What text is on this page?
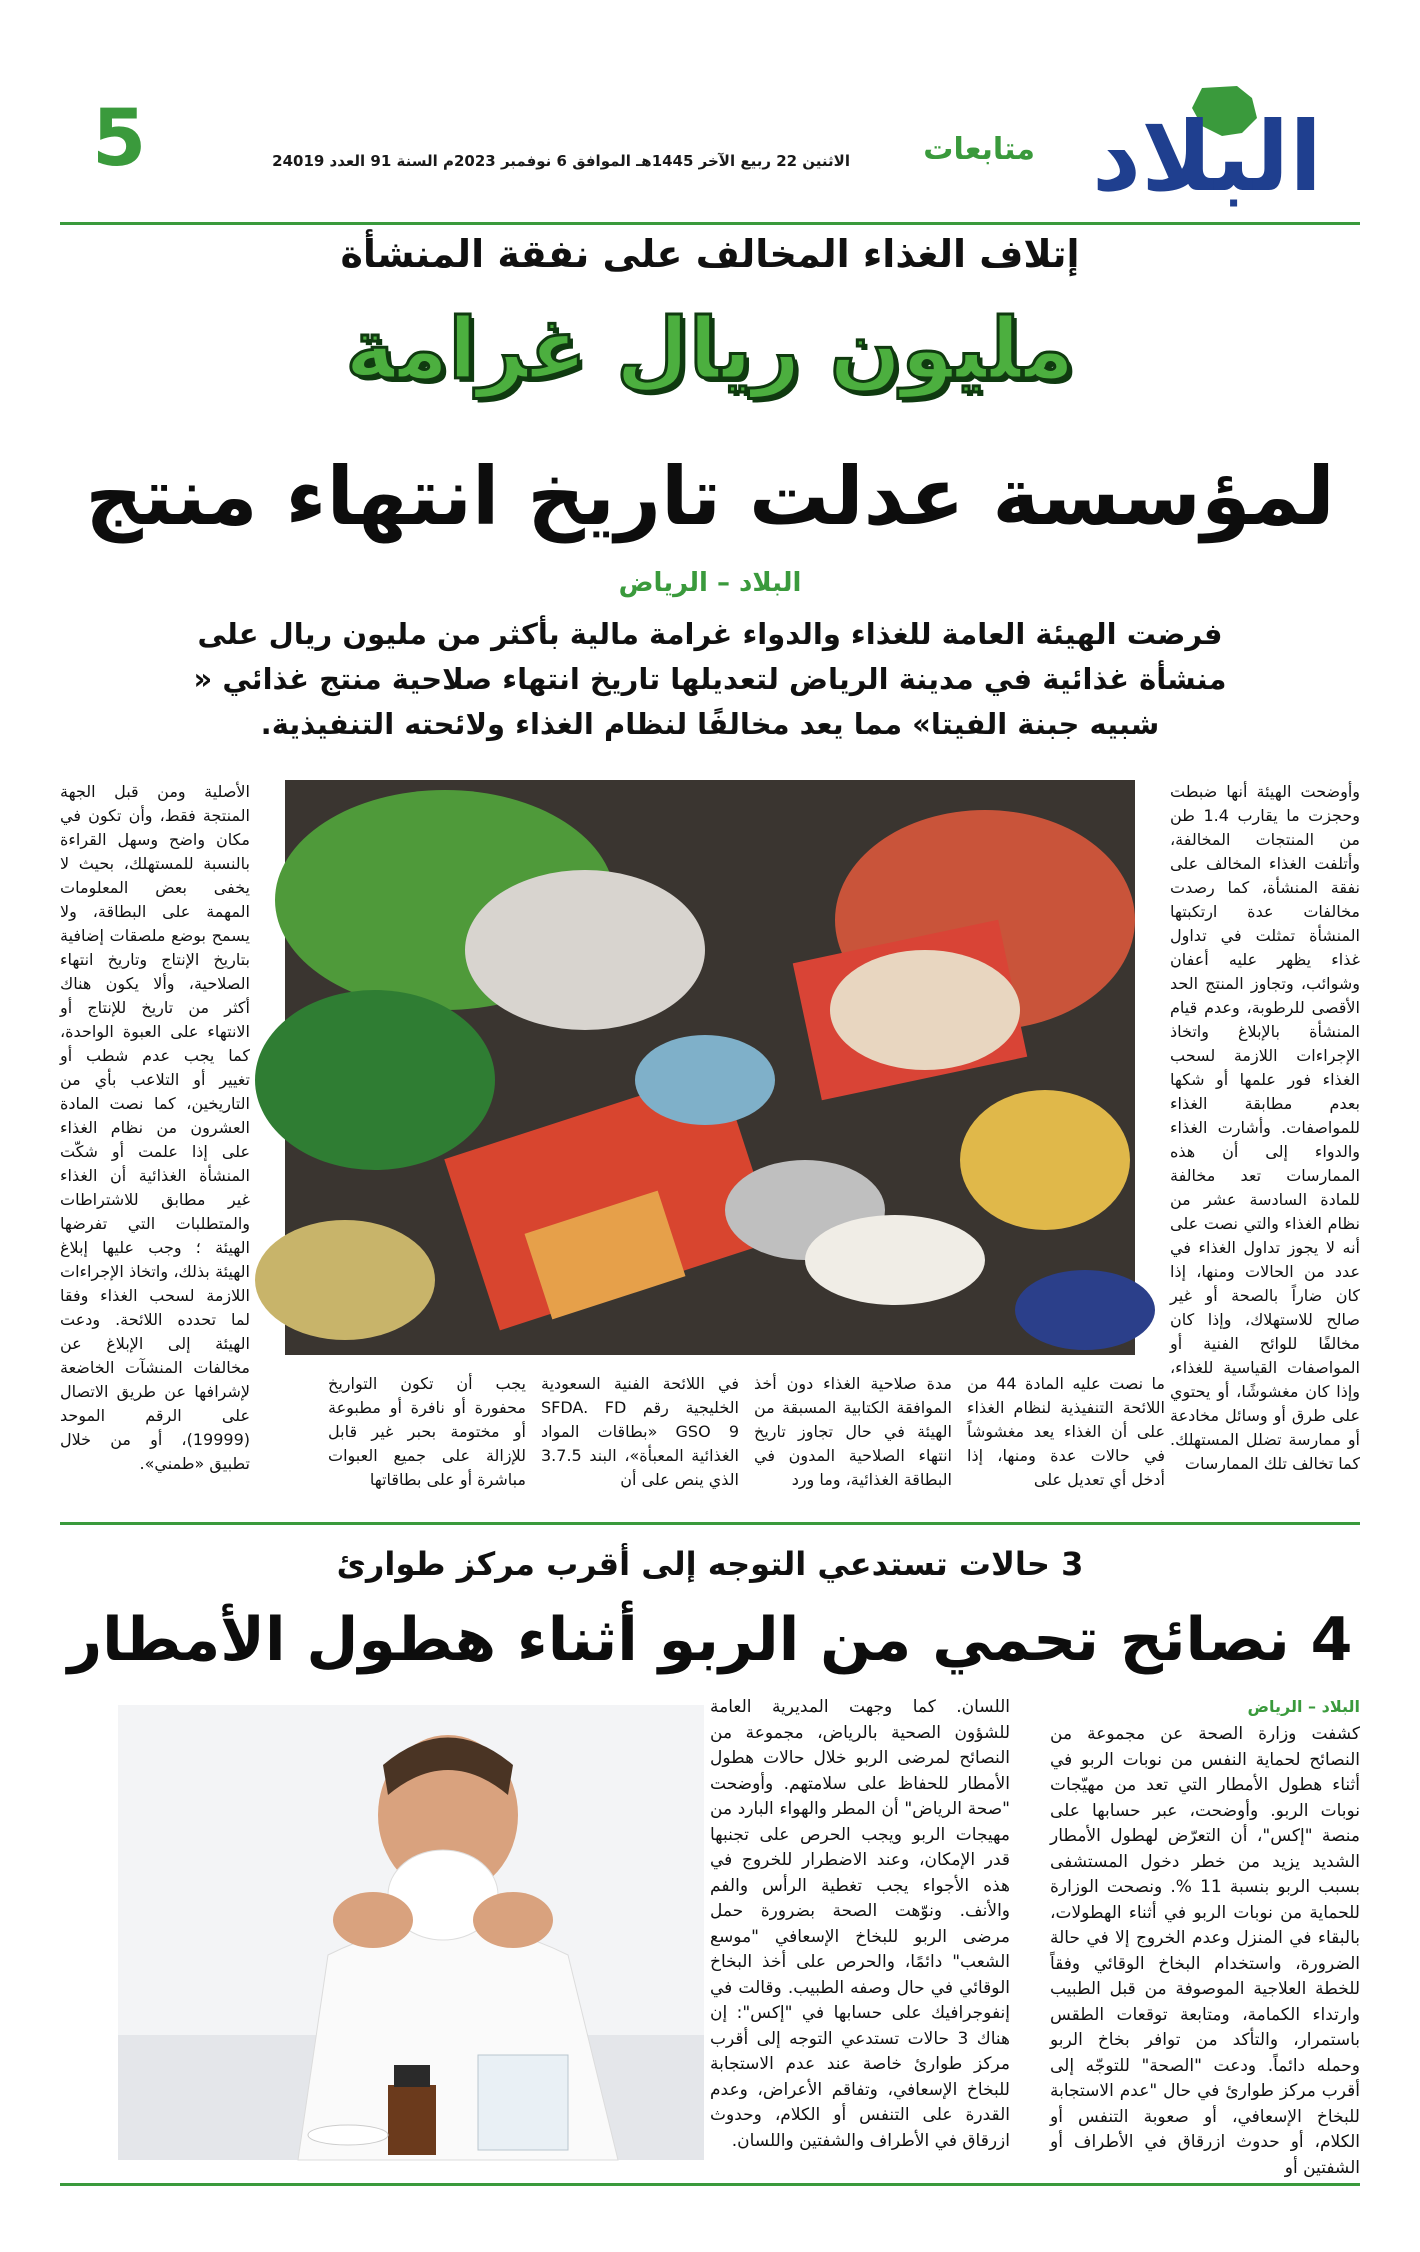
البلاد
متابعات
الاثنين 22 ربيع الآخر 1445هـ الموافق 6 نوفمبر 2023م السنة 91 العدد 24019
5
إتلاف الغذاء المخالف على نفقة المنشأة
مليون ريال غرامة
لمؤسسة عدلت تاريخ انتهاء منتج
البلاد – الرياض
فرضت الهيئة العامة للغذاء والدواء غرامة مالية بأكثر من مليون ريال على منشأة غذائية في مدينة الرياض لتعديلها تاريخ انتهاء صلاحية منتج غذائي « شبيه جبنة الفيتا» مما يعد مخالفًا لنظام الغذاء ولائحته التنفيذية.
وأوضحت الهيئة أنها ضبطت وحجزت ما يقارب 1.4 طن من المنتجات المخالفة، وأتلفت الغذاء المخالف على نفقة المنشأة، كما رصدت مخالفات عدة ارتكبتها المنشأة تمثلت في تداول غذاء يظهر عليه أعفان وشوائب، وتجاوز المنتج الحد الأقصى للرطوبة، وعدم قيام المنشأة بالإبلاغ واتخاذ الإجراءات اللازمة لسحب الغذاء فور علمها أو شكها بعدم مطابقة الغذاء للمواصفات. وأشارت الغذاء والدواء إلى أن هذه الممارسات تعد مخالفة للمادة السادسة عشر من نظام الغذاء والتي نصت على أنه لا يجوز تداول الغذاء في عدد من الحالات ومنها، إذا كان ضاراً بالصحة أو غير صالح للاستهلاك، وإذا كان مخالفًا للوائح الفنية أو المواصفات القياسية للغذاء، وإذا كان مغشوشًا، أو يحتوي على طرق أو وسائل مخادعة أو ممارسة تضلل المستهلك. كما تخالف تلك الممارسات
الأصلية ومن قبل الجهة المنتجة فقط، وأن تكون في مكان واضح وسهل القراءة بالنسبة للمستهلك، بحيث لا يخفى بعض المعلومات المهمة على البطاقة، ولا يسمح بوضع ملصقات إضافية بتاريخ الإنتاج وتاريخ انتهاء الصلاحية، وألا يكون هناك أكثر من تاريخ للإنتاج أو الانتهاء على العبوة الواحدة، كما يجب عدم شطب أو تغيير أو التلاعب بأي من التاريخين، كما نصت المادة العشرون من نظام الغذاء على إذا علمت أو شكّت المنشأة الغذائية أن الغذاء غير مطابق للاشتراطات والمتطلبات التي تفرضها الهيئة ؛ وجب عليها إبلاغ الهيئة بذلك، واتخاذ الإجراءات اللازمة لسحب الغذاء وفقا لما تحدده اللائحة. ودعت الهيئة إلى الإبلاغ عن مخالفات المنشآت الخاضعة لإشرافها عن طريق الاتصال على الرقم الموحد (19999)، أو من خلال تطبيق «طمني».
ما نصت عليه المادة 44 من اللائحة التنفيذية لنظام الغذاء على أن الغذاء يعد مغشوشاً في حالات عدة ومنها، إذا أدخل أي تعديل على
مدة صلاحية الغذاء دون أخذ الموافقة الكتابية المسبقة من الهيئة في حال تجاوز تاريخ انتهاء الصلاحية المدون في البطاقة الغذائية، وما ورد
في اللائحة الفنية السعودية الخليجية رقم SFDA. FD GSO 9 «بطاقات المواد الغذائية المعبأة»، البند 3.7.5 الذي ينص على أن
يجب أن تكون التواريخ محفورة أو نافرة أو مطبوعة أو مختومة بحبر غير قابل للإزالة على جميع العبوات مباشرة أو على بطاقاتها
3 حالات تستدعي التوجه إلى أقرب مركز طوارئ
4 نصائح تحمي من الربو أثناء هطول الأمطار
البلاد – الرياض
كشفت وزارة الصحة عن مجموعة من النصائح لحماية النفس من نوبات الربو في أثناء هطول الأمطار التي تعد من مهيّجات نوبات الربو. وأوضحت، عبر حسابها على منصة "إكس"، أن التعرّض لهطول الأمطار الشديد يزيد من خطر دخول المستشفى بسبب الربو بنسبة 11 %. ونصحت الوزارة للحماية من نوبات الربو في أثناء الهطولات، بالبقاء في المنزل وعدم الخروج إلا في حالة الضرورة، واستخدام البخاخ الوقائي وفقاً للخطة العلاجية الموصوفة من قبل الطبيب وارتداء الكمامة، ومتابعة توقعات الطقس باستمرار، والتأكد من توافر بخاخ الربو وحمله دائماً. ودعت "الصحة" للتوجّه إلى أقرب مركز طوارئ في حال "عدم الاستجابة للبخاخ الإسعافي، أو صعوبة التنفس أو الكلام، أو حدوث ازرقاق في الأطراف أو الشفتين أو
اللسان. كما وجهت المديرية العامة للشؤون الصحية بالرياض، مجموعة من النصائح لمرضى الربو خلال حالات هطول الأمطار للحفاظ على سلامتهم. وأوضحت "صحة الرياض" أن المطر والهواء البارد من مهيجات الربو ويجب الحرص على تجنبها قدر الإمكان، وعند الاضطرار للخروج في هذه الأجواء يجب تغطية الرأس والفم والأنف. ونوّهت الصحة بضرورة حمل مرضى الربو للبخاخ الإسعافي "موسع الشعب" دائمًا، والحرص على أخذ البخاخ الوقائي في حال وصفه الطبيب. وقالت في إنفوجرافيك على حسابها في "إكس": إن هناك 3 حالات تستدعي التوجه إلى أقرب مركز طوارئ خاصة عند عدم الاستجابة للبخاخ الإسعافي، وتفاقم الأعراض، وعدم القدرة على التنفس أو الكلام، وحدوث ازرقاق في الأطراف والشفتين واللسان.
